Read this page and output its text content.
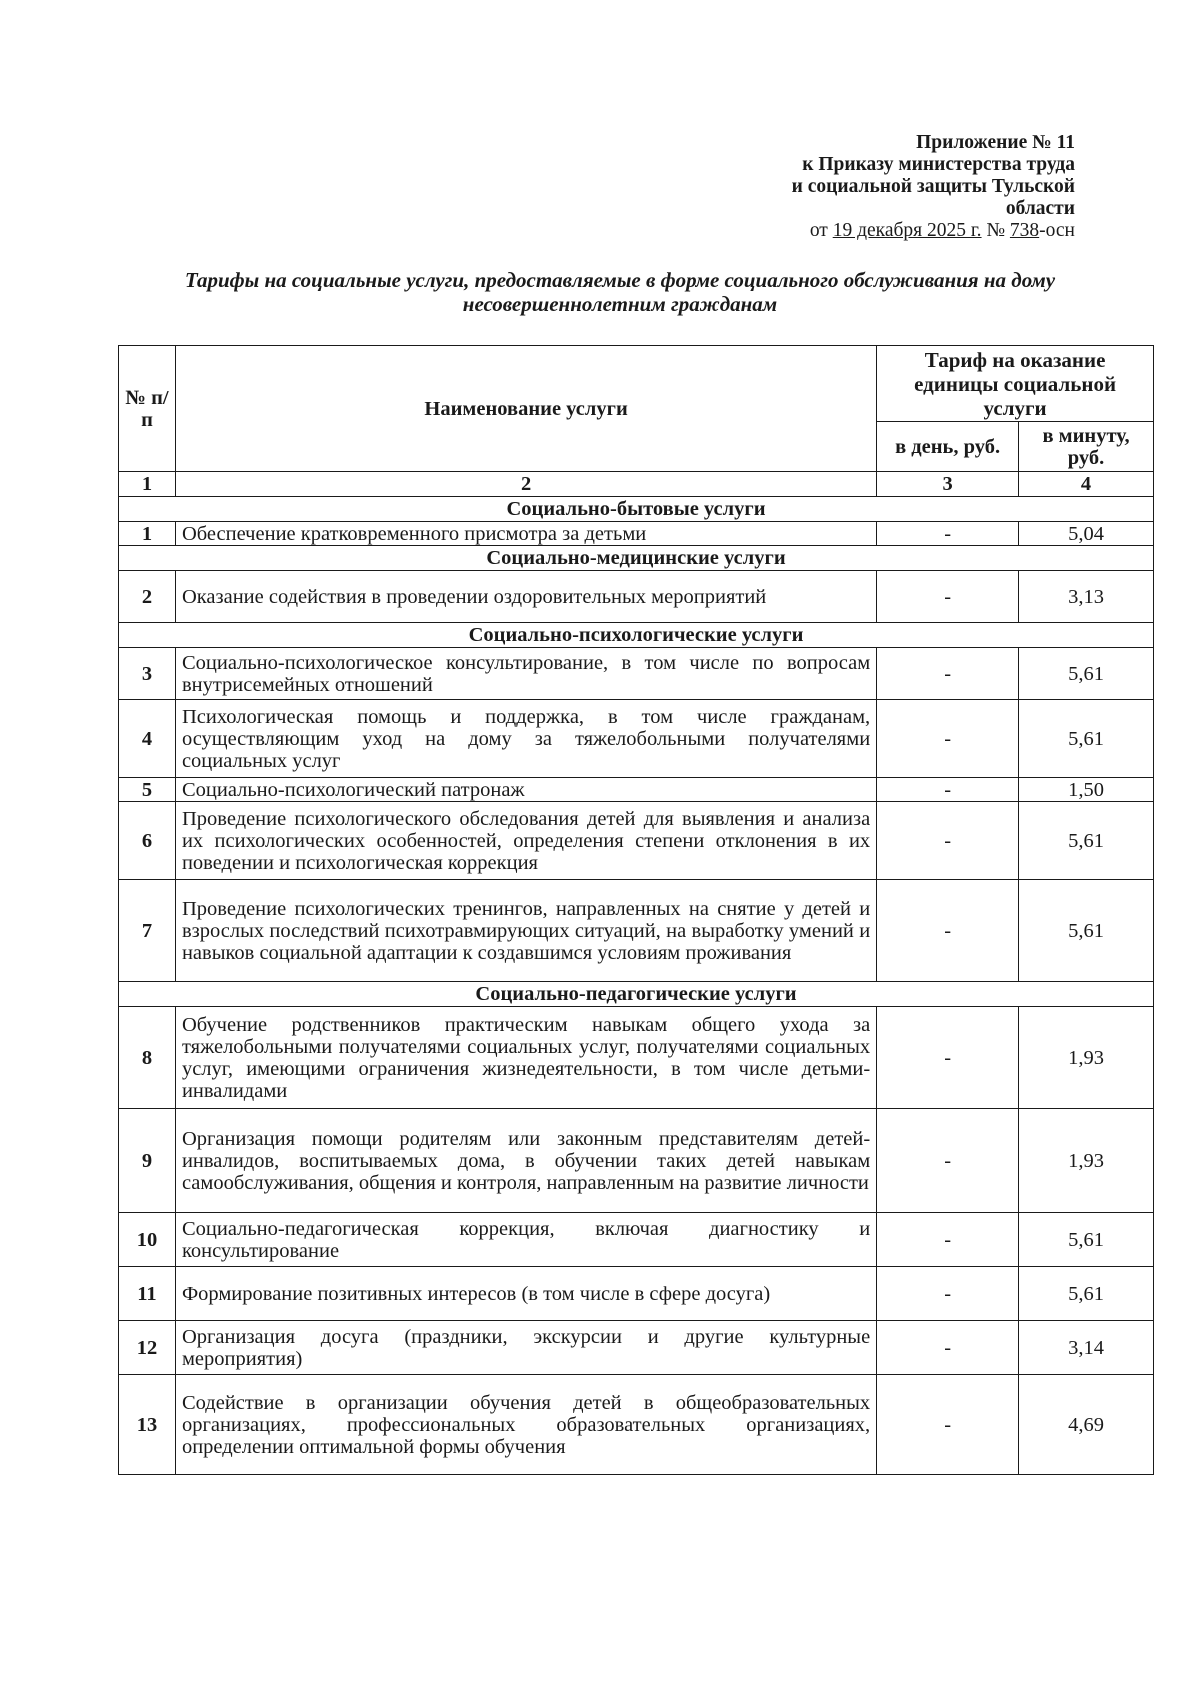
Приложение № 11
к Приказу министерства труда
и социальной защиты Тульской
области
от 19 декабря 2025 г. № 738-осн
Тарифы на социальные услуги, предоставляемые в форме социального обслуживания на дому несовершеннолетним гражданам
№ п/п	Наименование услуги	Тариф на оказание единицы социальной услуги	
		в день, руб.	в минуту, руб.
1	2	3	4
Социально-бытовые услуги			
1	Обеспечение кратковременного присмотра за детьми	-	5,04
Социально-медицинские услуги			
2	Оказание содействия в проведении оздоровительных мероприятий	-	3,13
Социально-психологические услуги			
3	Социально-психологическое консультирование, в том числе по вопросам внутрисемейных отношений	-	5,61
4	Психологическая помощь и поддержка, в том числе гражданам, осуществляющим уход на дому за тяжелобольными получателями социальных услуг	-	5,61
5	Социально-психологический патронаж	-	1,50
6	Проведение психологического обследования детей для выявления и анализа их психологических особенностей, определения степени отклонения в их поведении и психологическая коррекция	-	5,61
7	Проведение психологических тренингов, направленных на снятие у детей и взрослых последствий психотравмирующих ситуаций, на выработку умений и навыков социальной адаптации к создавшимся условиям проживания	-	5,61
Социально-педагогические услуги			
8	Обучение родственников практическим навыкам общего ухода за тяжелобольными получателями социальных услуг, получателями социальных услуг, имеющими ограничения жизнедеятельности, в том числе детьми-инвалидами	-	1,93
9	Организация помощи родителям или законным представителям детей-инвалидов, воспитываемых дома, в обучении таких детей навыкам самообслуживания, общения и контроля, направленным на развитие личности	-	1,93
10	Социально-педагогическая коррекция, включая диагностику и консультирование	-	5,61
11	Формирование позитивных интересов (в том числе в сфере досуга)	-	5,61
12	Организация досуга (праздники, экскурсии и другие культурные мероприятия)	-	3,14
13	Содействие в организации обучения детей в общеобразовательных организациях, профессиональных образовательных организациях, определении оптимальной формы обучения	-	4,69
